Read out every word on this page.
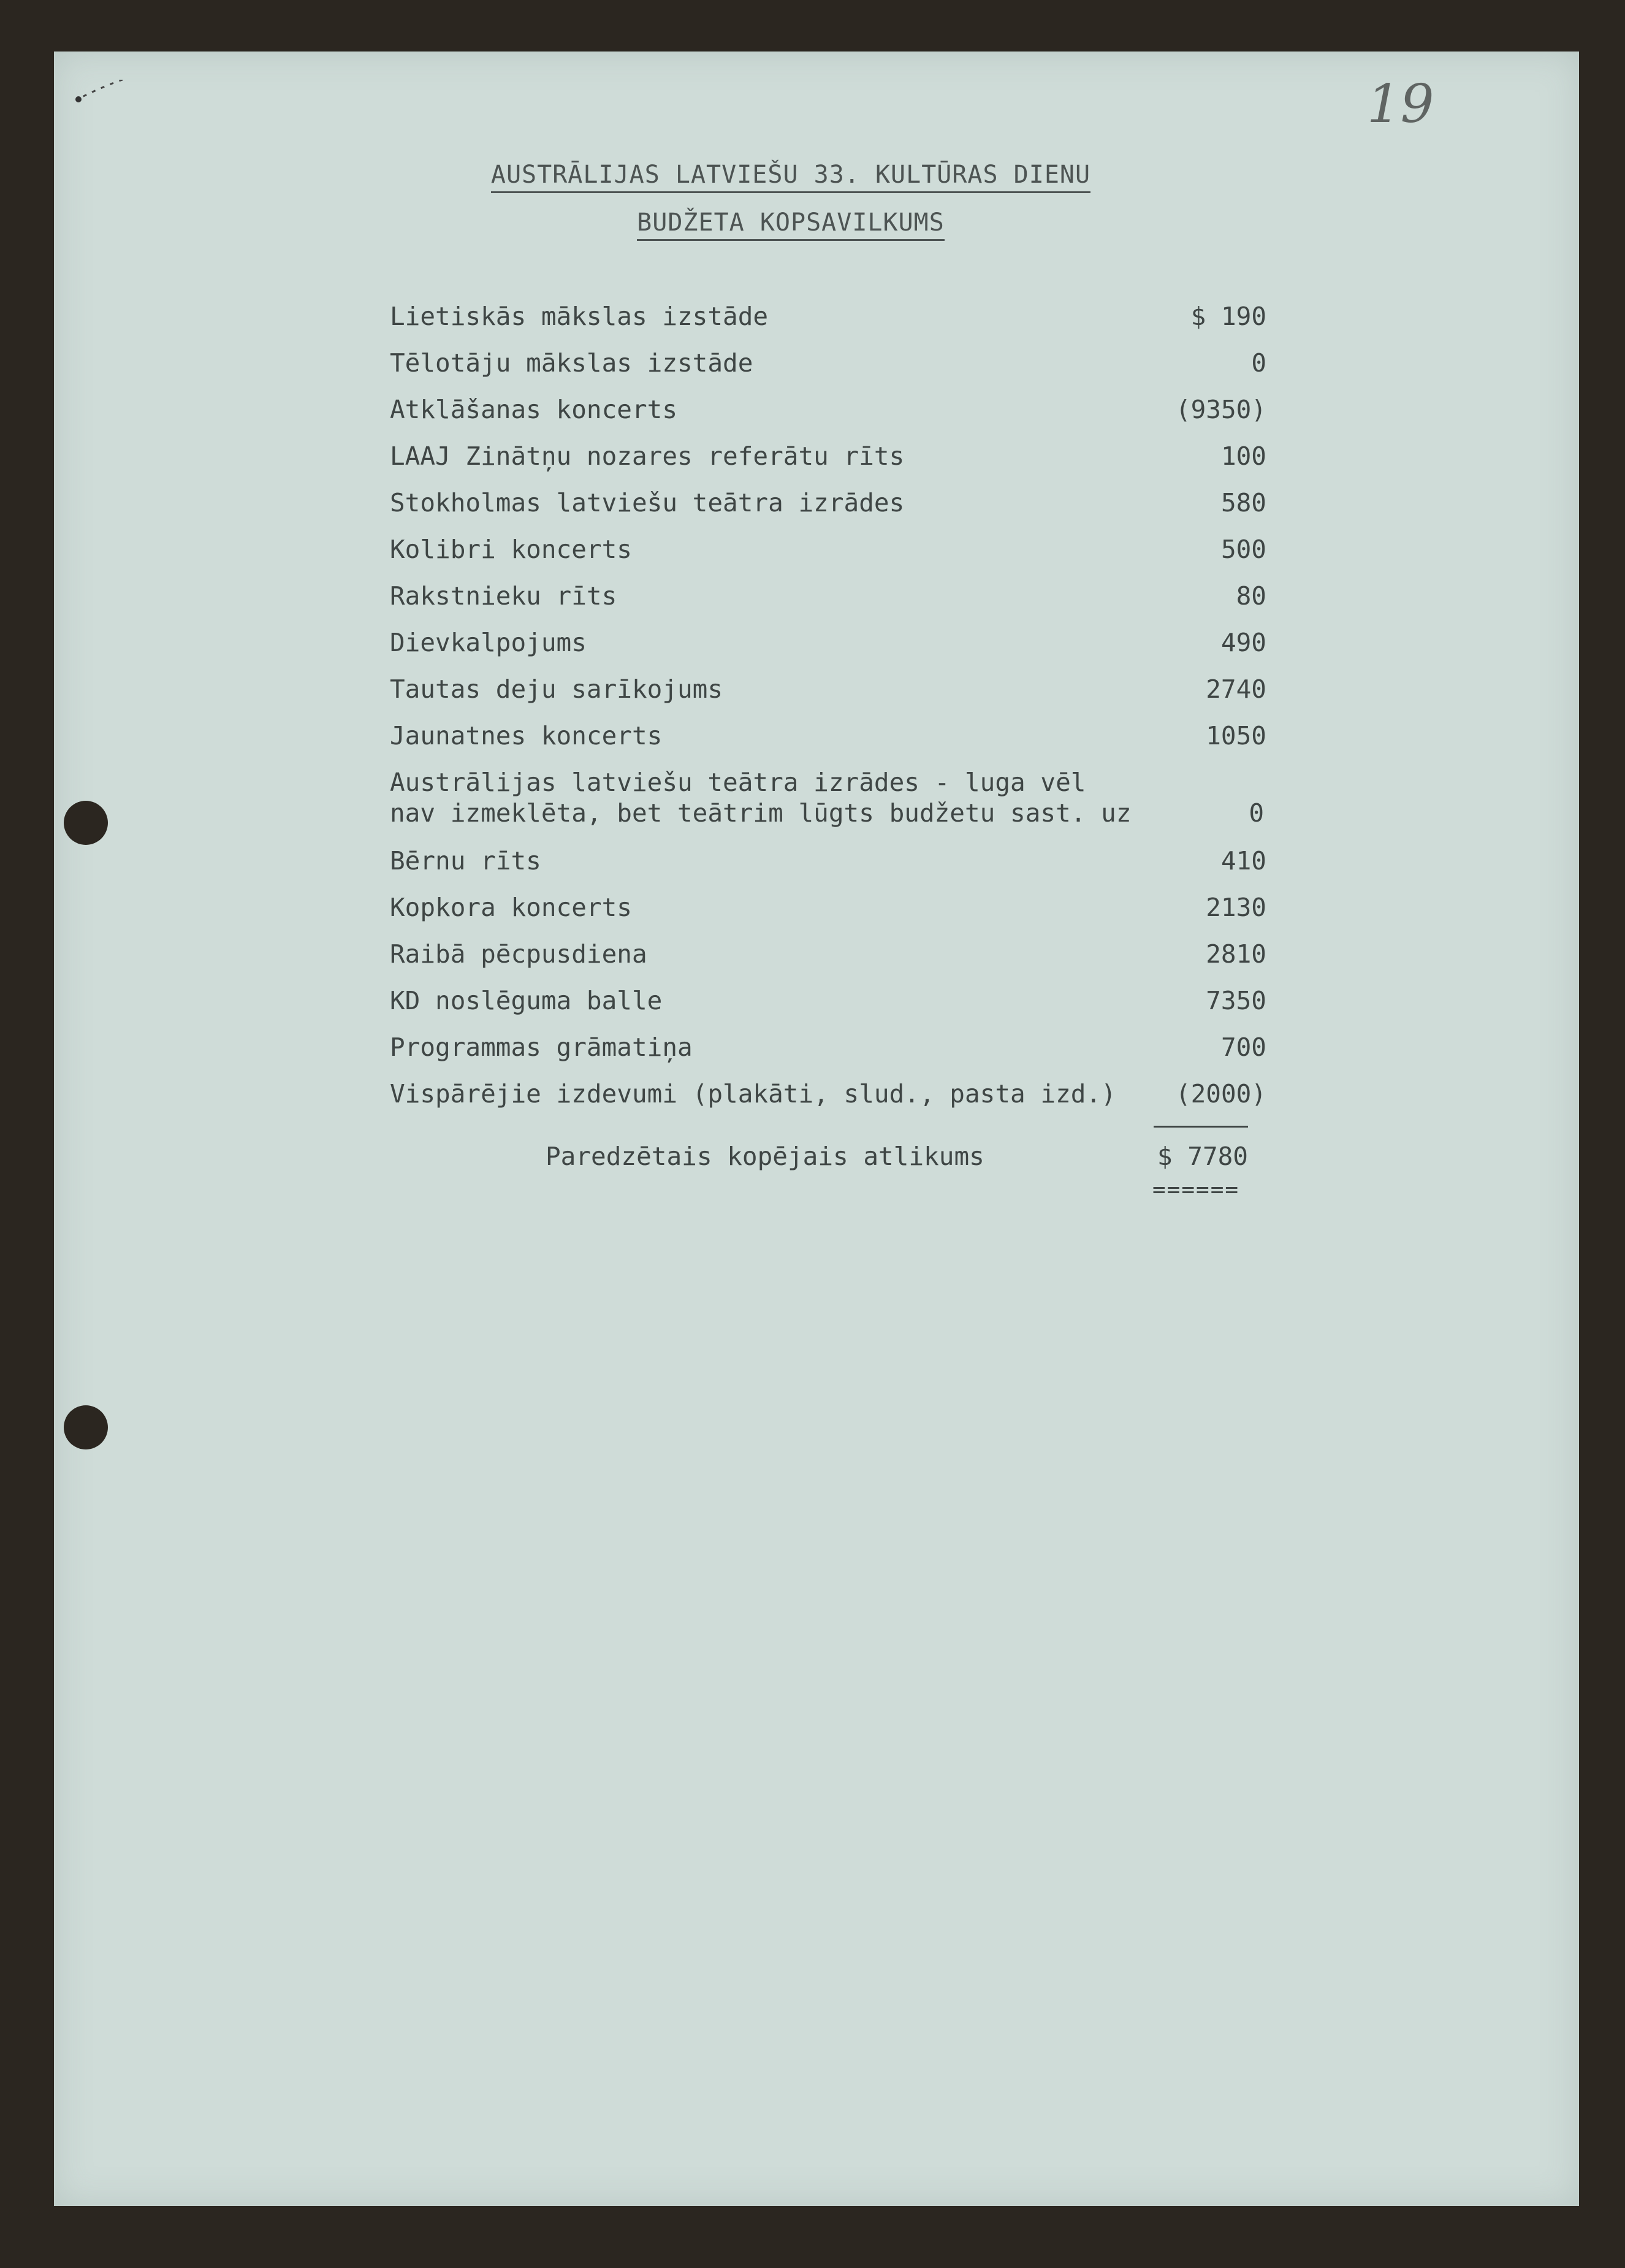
19
AUSTRĀLIJAS LATVIEŠU 33. KULTŪRAS DIENU
BUDŽETA KOPSAVILKUMS
Lietiskās mākslas izstāde	$ 190
Tēlotāju mākslas izstāde	0
Atklāšanas koncerts	(9350)
LAAJ Zinātņu nozares referātu rīts	100
Stokholmas latviešu teātra izrādes	580
Kolibri koncerts	500
Rakstnieku rīts	80
Dievkalpojums	490
Tautas deju sarīkojums	2740
Jaunatnes koncerts	1050
Austrālijas latviešu teātra izrādes - luga vēl
nav izmeklēta, bet teātrim lūgts budžetu sast. uz	0
Bērnu rīts	410
Kopkora koncerts	2130
Raibā pēcpusdiena	2810
KD noslēguma balle	7350
Programmas grāmatiņa	700
Vispārējie izdevumi (plakāti, slud., pasta izd.) (2000)
Paredzētais kopējais atlikums	$ 7780
======
